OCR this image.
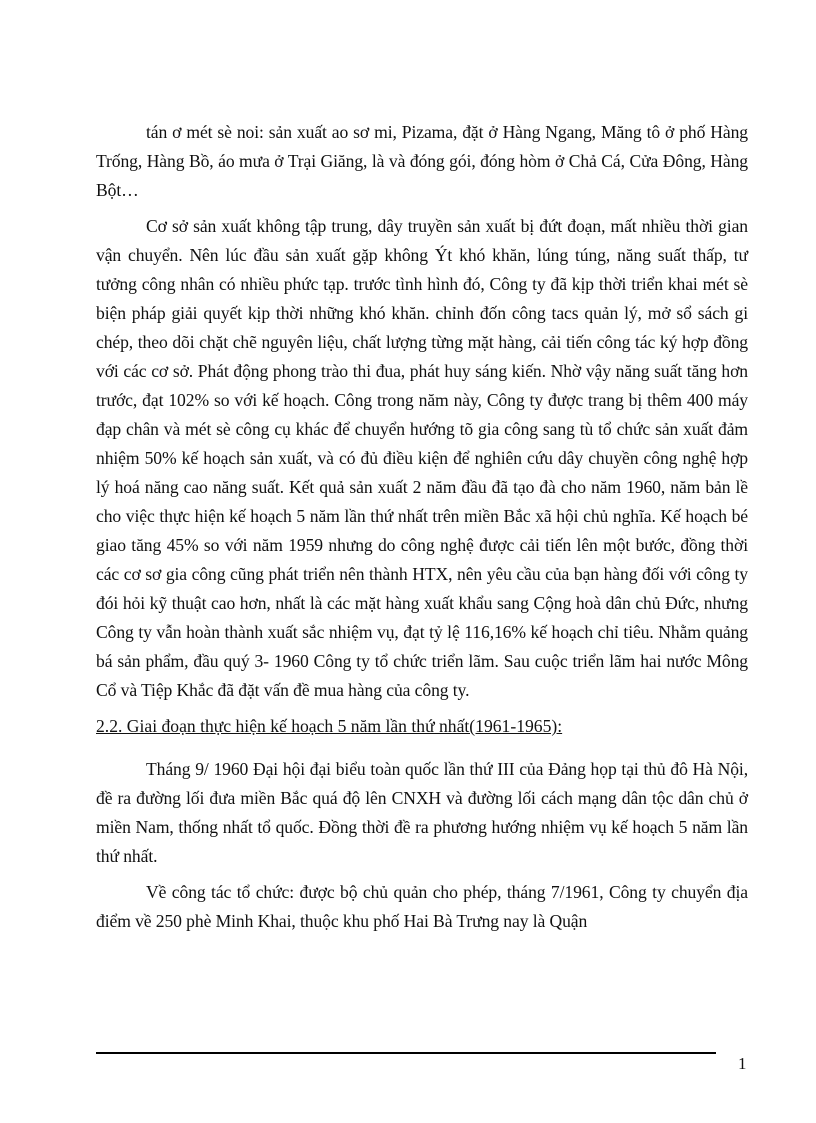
tán ơ mét sè noi: sản xuất ao sơ mi, Pizama, đặt ở Hàng Ngang, Măng tô ở phố Hàng Trống, Hàng Bồ, áo mưa ở Trại Giăng, là và đóng gói, đóng hòm ở Chả Cá, Cửa Đông, Hàng Bột…

Cơ sở sản xuất không tập trung, dây truyền sản xuất bị đứt đoạn, mất nhiều thời gian vận chuyển. Nên lúc đầu sản xuất gặp không Ýt khó khăn, lúng túng, năng suất thấp, tư tưởng công nhân có nhiều phức tạp. trước tình hình đó, Công ty đã kịp thời triển khai mét sè biện pháp giải quyết kịp thời những khó khăn. chỉnh đốn công tacs quản lý, mở sổ sách gi chép, theo dõi chặt chẽ nguyên liệu, chất lượng từng mặt hàng, cải tiến công tác ký hợp đồng với các cơ sở. Phát động phong trào thi đua, phát huy sáng kiến. Nhờ vậy năng suất tăng hơn trước, đạt 102% so với kế hoạch. Công trong năm này, Công ty được trang bị thêm 400 máy đạp chân và mét sè công cụ khác để chuyển hướng tõ gia công sang tù tổ chức sản xuất đảm nhiệm 50% kế hoạch sản xuất, và có đủ điều kiện để nghiên cứu dây chuyền công nghệ hợp lý hoá năng cao năng suất. Kết quả sản xuất 2 năm đầu đã tạo đà cho năm 1960, năm bản lề cho việc thực hiện kế hoạch 5 năm lần thứ nhất trên miền Bắc xã hội chủ nghĩa. Kế hoạch bé giao tăng 45% so với năm 1959 nhưng do công nghệ được cải tiến lên một bước, đồng thời các cơ sơ gia công cũng phát triển nên thành HTX, nên yêu cầu của bạn hàng đối với công ty đói hỏi kỹ thuật cao hơn, nhất là các mặt hàng xuất khẩu sang Cộng hoà dân chủ Đức, nhưng Công ty vẫn hoàn thành xuất sắc nhiệm vụ, đạt tỷ lệ 116,16% kế hoạch chỉ tiêu. Nhằm quảng bá sản phẩm, đầu quý 3- 1960 Công ty tổ chức triển lãm. Sau cuộc triển lãm hai nước Mông Cổ và Tiệp Khắc đã đặt vấn đề mua hàng của công ty.

2.2. Giai đoạn thực hiện kế hoạch 5 năm lần thứ nhất(1961-1965):

Tháng 9/ 1960 Đại hội đại biểu toàn quốc lần thứ III của Đảng họp tại thủ đô Hà Nội, đề ra đường lối đưa miền Bắc quá độ lên CNXH và đường lối cách mạng dân tộc dân chủ ở miền Nam, thống nhất tổ quốc. Đồng thời đề ra phương hướng nhiệm vụ kế hoạch 5 năm lần thứ nhất.

Về công tác tổ chức: được bộ chủ quản cho phép, tháng 7/1961, Công ty chuyển địa điểm về 250 phè Minh Khai, thuộc khu phố Hai Bà Trưng nay là Quận

1
